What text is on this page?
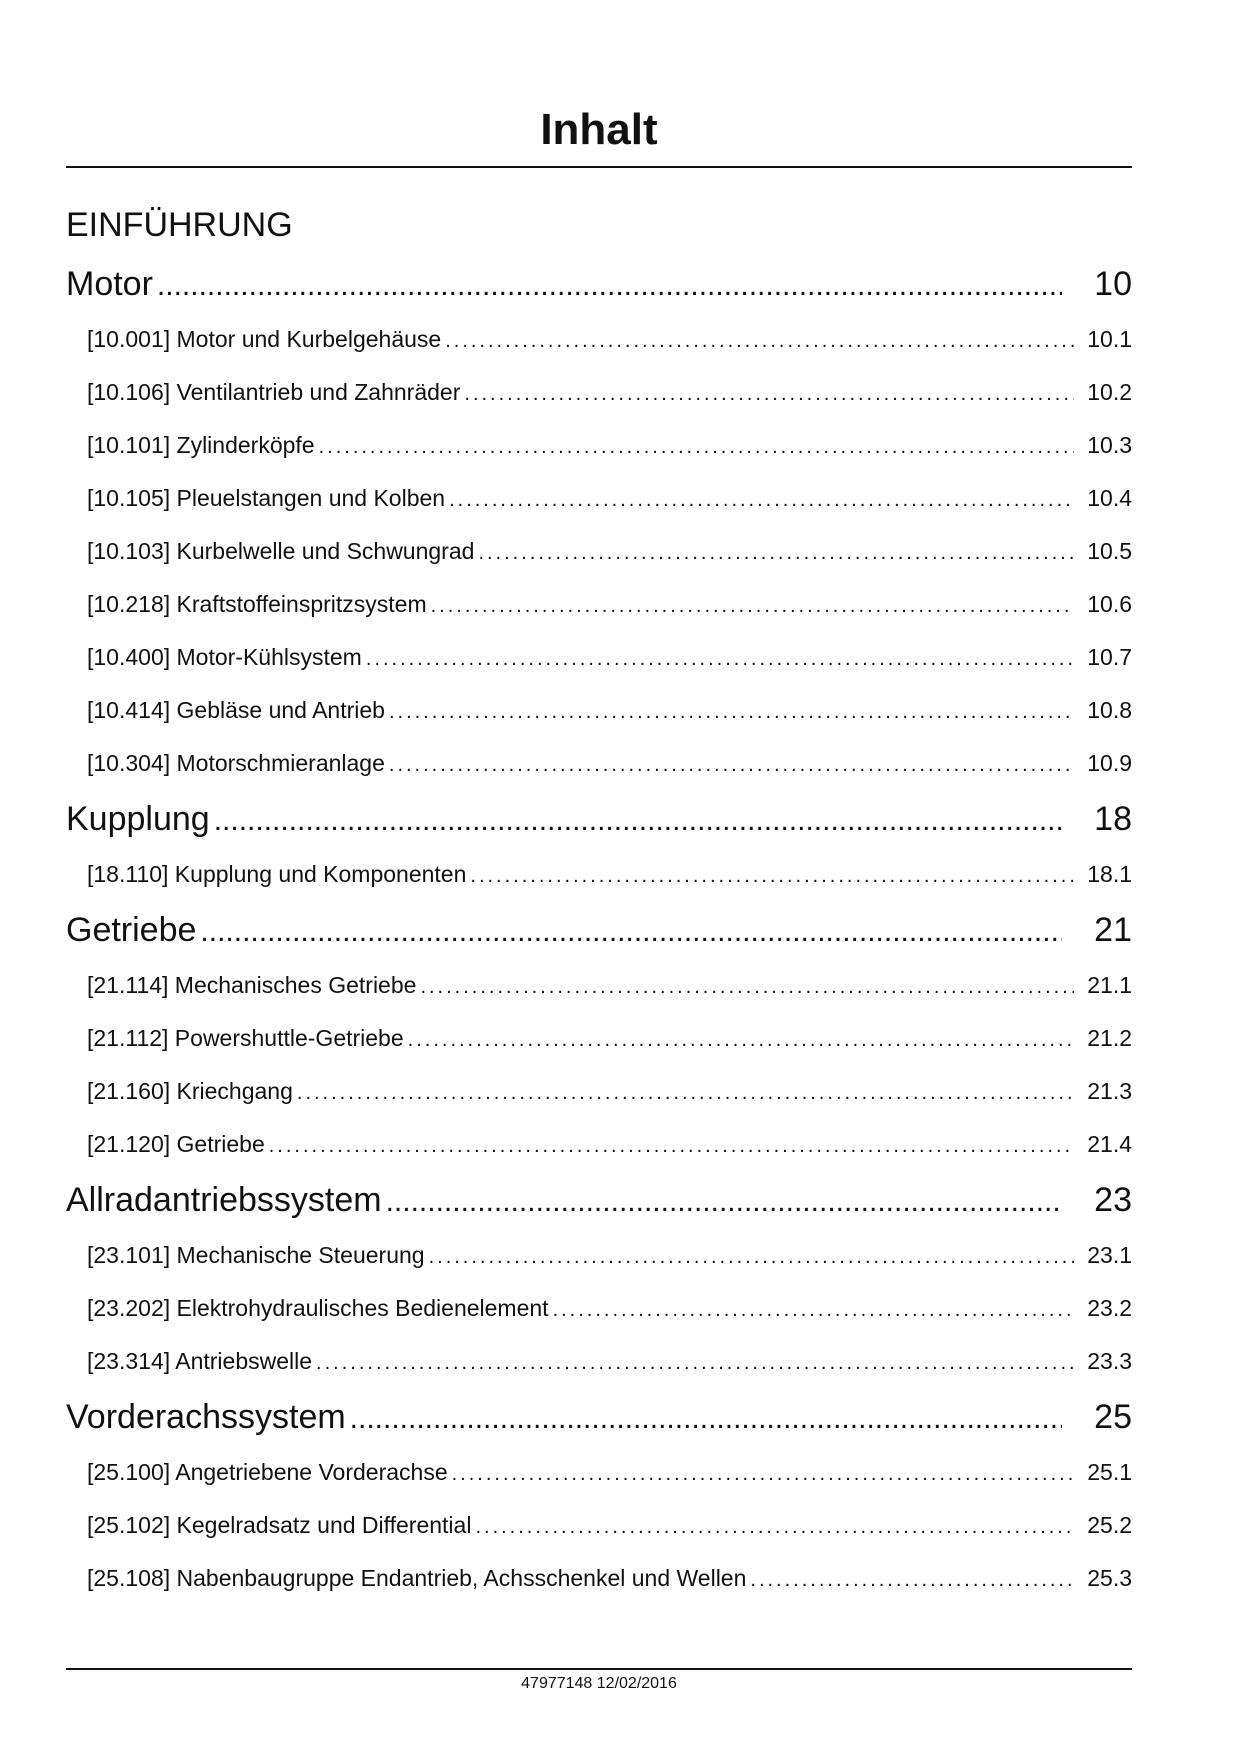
Inhalt
EINFÜHRUNG
Motor .....	10
[10.001] Motor und Kurbelgehäuse .....	10.1
[10.106] Ventilantrieb und Zahnräder .....	10.2
[10.101] Zylinderköpfe .....	10.3
[10.105] Pleuelstangen und Kolben .....	10.4
[10.103] Kurbelwelle und Schwungrad .....	10.5
[10.218] Kraftstoffeinspritzsystem .....	10.6
[10.400] Motor-Kühlsystem .....	10.7
[10.414] Gebläse und Antrieb .....	10.8
[10.304] Motorschmieranlage .....	10.9
Kupplung .....	18
[18.110] Kupplung und Komponenten .....	18.1
Getriebe .....	21
[21.114] Mechanisches Getriebe .....	21.1
[21.112] Powershuttle-Getriebe .....	21.2
[21.160] Kriechgang .....	21.3
[21.120] Getriebe .....	21.4
Allradantriebssystem .....	23
[23.101] Mechanische Steuerung .....	23.1
[23.202] Elektrohydraulisches Bedienelement .....	23.2
[23.314] Antriebswelle .....	23.3
Vorderachssystem .....	25
[25.100] Angetriebene Vorderachse .....	25.1
[25.102] Kegelradsatz und Differential .....	25.2
[25.108] Nabenbaugruppe Endantrieb, Achsschenkel und Wellen .....	25.3
47977148 12/02/2016
